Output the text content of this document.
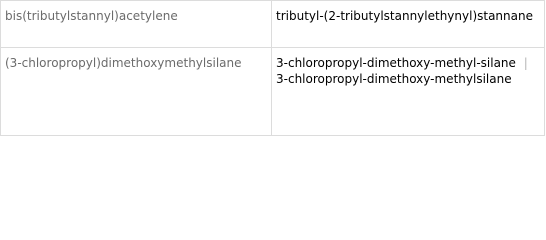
bis(tributylstannyl)acetylene	tributyl-(2-tributylstannylethynyl)stannane
(3-chloropropyl)dimethoxymethylsilane	3-chloropropyl-dimethoxy-methyl-silane | 3-chloropropyl-dimethoxy-methylsilane
